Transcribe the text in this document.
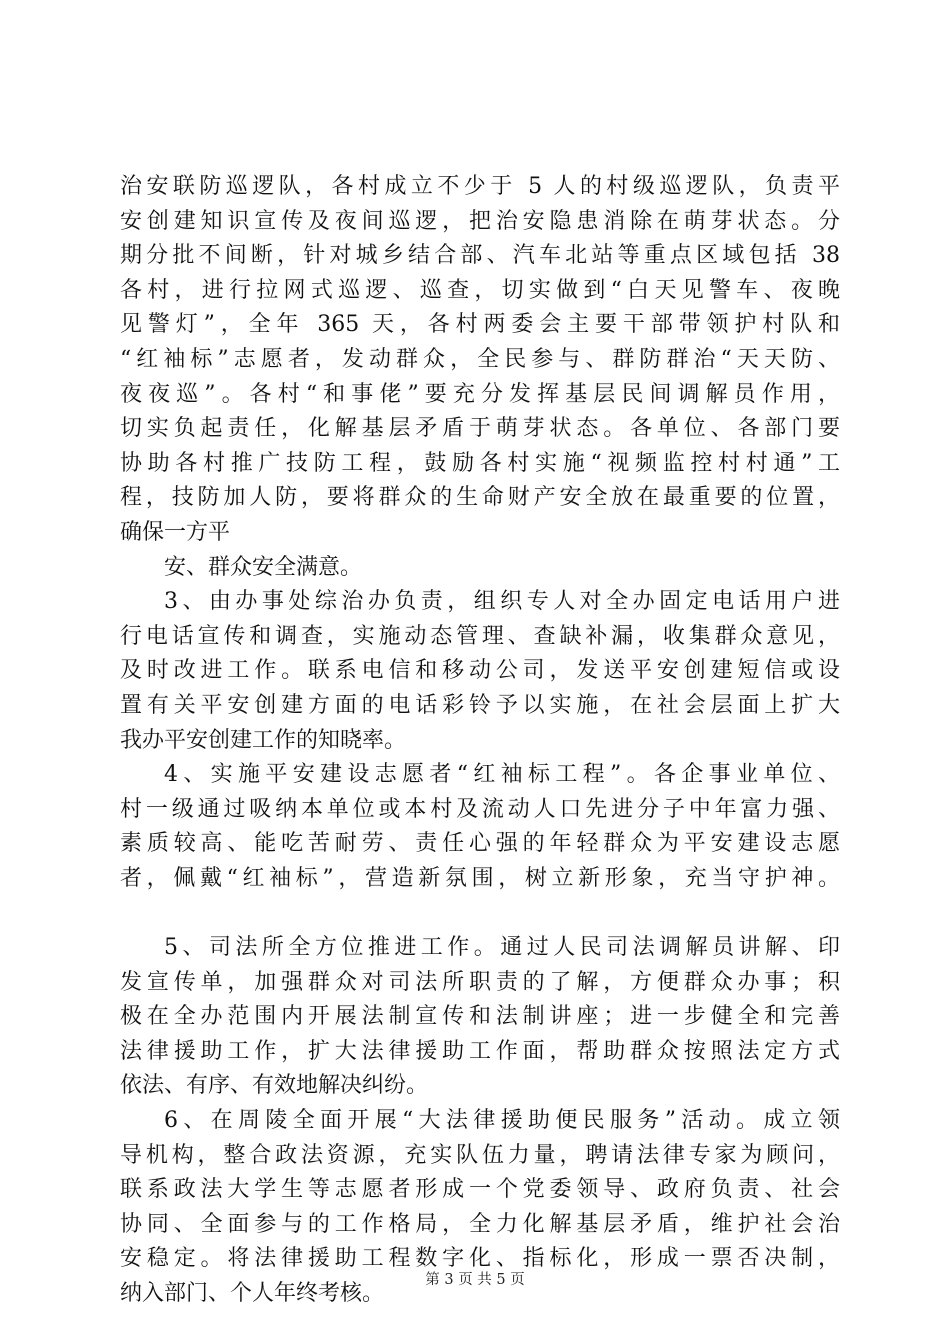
治安联防巡逻队，各村成立不少于 5 人的村级巡逻队，负责平
安创建知识宣传及夜间巡逻，把治安隐患消除在萌芽状态。分
期分批不间断，针对城乡结合部、汽车北站等重点区域包括 38
各村，进行拉网式巡逻、巡查，切实做到“白天见警车、夜晚
见警灯”，全年 365 天，各村两委会主要干部带领护村队和
“红袖标”志愿者，发动群众，全民参与、群防群治“天天防、
夜夜巡”。各村“和事佬”要充分发挥基层民间调解员作用，
切实负起责任，化解基层矛盾于萌芽状态。各单位、各部门要
协助各村推广技防工程，鼓励各村实施“视频监控村村通”工
程，技防加人防，要将群众的生命财产安全放在最重要的位置，
确保一方平
安、群众安全满意。
3、由办事处综治办负责，组织专人对全办固定电话用户进
行电话宣传和调查，实施动态管理、查缺补漏，收集群众意见，
及时改进工作。联系电信和移动公司，发送平安创建短信或设
置有关平安创建方面的电话彩铃予以实施，在社会层面上扩大
我办平安创建工作的知晓率。
4、实施平安建设志愿者“红袖标工程”。各企事业单位、
村一级通过吸纳本单位或本村及流动人口先进分子中年富力强、
素质较高、能吃苦耐劳、责任心强的年轻群众为平安建设志愿
者，佩戴“红袖标”，营造新氛围，树立新形象，充当守护神。
5、司法所全方位推进工作。通过人民司法调解员讲解、印
发宣传单，加强群众对司法所职责的了解，方便群众办事；积
极在全办范围内开展法制宣传和法制讲座；进一步健全和完善
法律援助工作，扩大法律援助工作面，帮助群众按照法定方式
依法、有序、有效地解决纠纷。
6、在周陵全面开展“大法律援助便民服务”活动。成立领
导机构，整合政法资源，充实队伍力量，聘请法律专家为顾问，
联系政法大学生等志愿者形成一个党委领导、政府负责、社会
协同、全面参与的工作格局，全力化解基层矛盾，维护社会治
安稳定。将法律援助工程数字化、指标化，形成一票否决制，
纳入部门、个人年终考核。
第 3 页 共 5 页
